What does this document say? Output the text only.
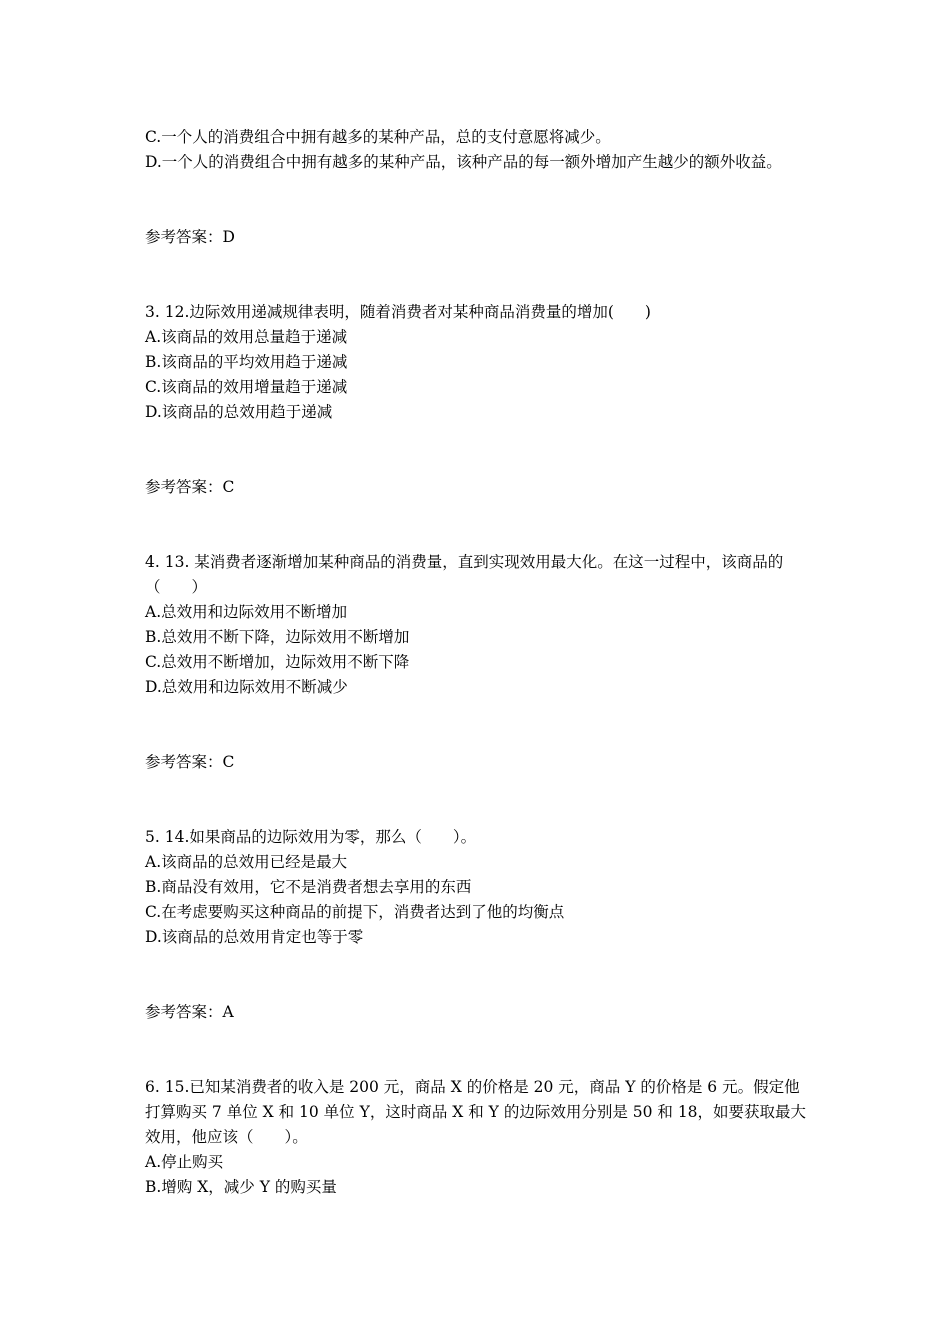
C.一个人的消费组合中拥有越多的某种产品，总的支付意愿将减少。
D.一个人的消费组合中拥有越多的某种产品，该种产品的每一额外增加产生越少的额外收益。
参考答案：D
3. 12.边际效用递减规律表明，随着消费者对某种商品消费量的增加(　　)
A.该商品的效用总量趋于递减
B.该商品的平均效用趋于递减
C.该商品的效用增量趋于递减
D.该商品的总效用趋于递减
参考答案：C
4. 13. 某消费者逐渐增加某种商品的消费量，直到实现效用最大化。在这一过程中，该商品的（　　）
A.总效用和边际效用不断增加
B.总效用不断下降，边际效用不断增加
C.总效用不断增加，边际效用不断下降
D.总效用和边际效用不断减少
参考答案：C
5. 14.如果商品的边际效用为零，那么（　　）。
A.该商品的总效用已经是最大
B.商品没有效用，它不是消费者想去享用的东西
C.在考虑要购买这种商品的前提下，消费者达到了他的均衡点
D.该商品的总效用肯定也等于零
参考答案：A
6. 15.已知某消费者的收入是 200 元，商品 X 的价格是 20 元，商品 Y 的价格是 6 元。假定他打算购买 7 单位 X 和 10 单位 Y，这时商品 X 和 Y 的边际效用分别是 50 和 18，如要获取最大效用，他应该（　　）。
A.停止购买
B.增购 X，减少 Y 的购买量
